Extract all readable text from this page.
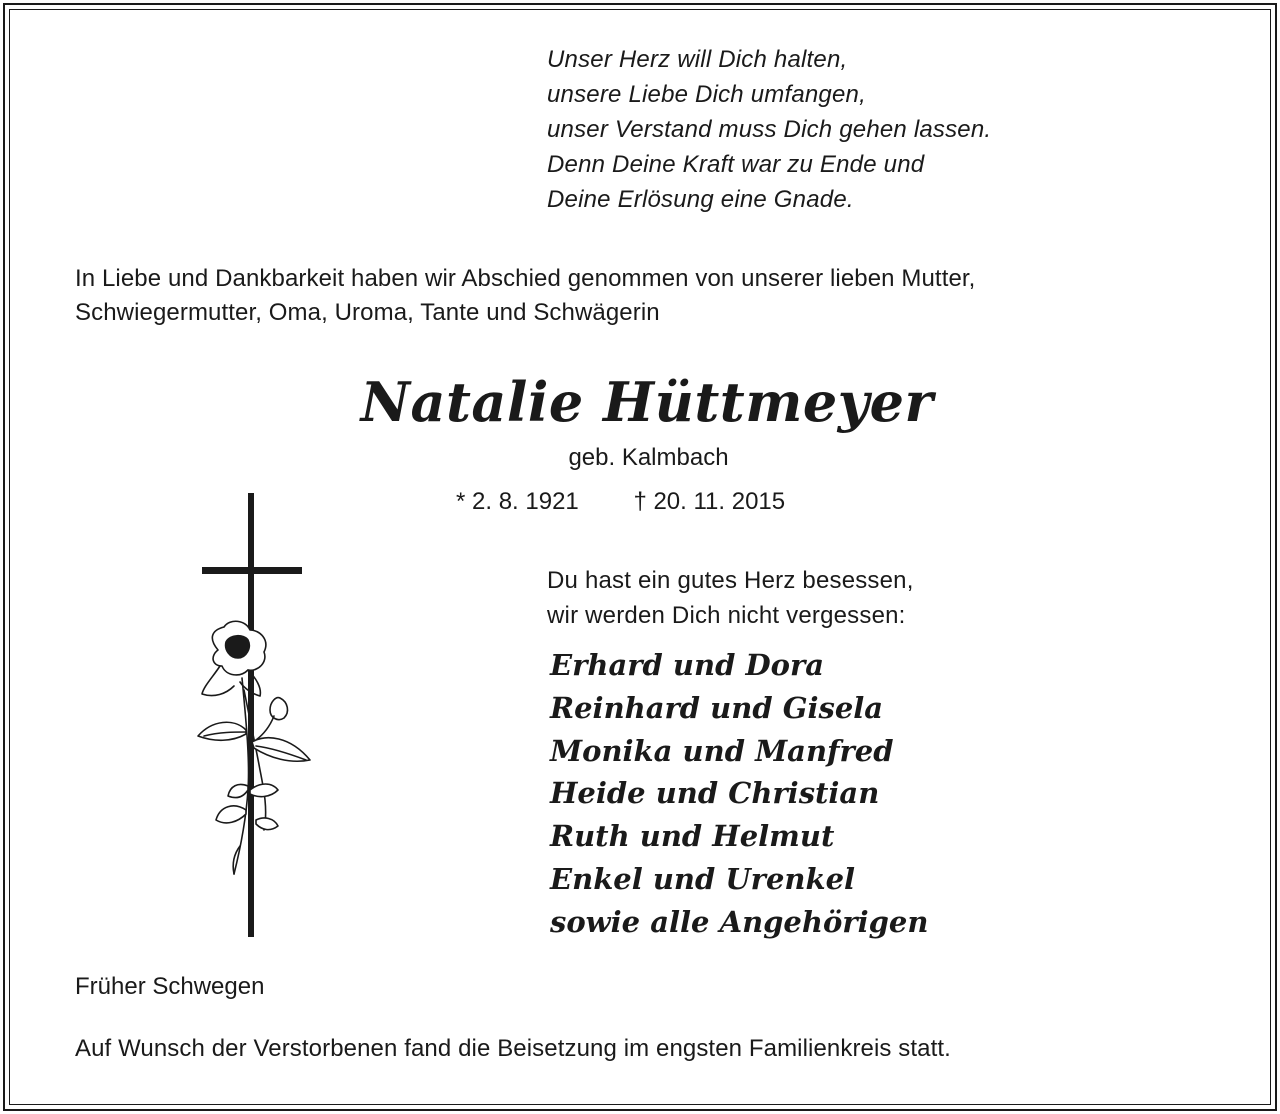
Unser Herz will Dich halten,
unsere Liebe Dich umfangen,
unser Verstand muss Dich gehen lassen.
Denn Deine Kraft war zu Ende und
Deine Erlösung eine Gnade.
In Liebe und Dankbarkeit haben wir Abschied genommen von unserer lieben Mutter,
Schwiegermutter, Oma, Uroma, Tante und Schwägerin
Natalie Hüttmeyer
geb. Kalmbach
* 2. 8. 1921 † 20. 11. 2015
Du hast ein gutes Herz besessen,
wir werden Dich nicht vergessen:
Erhard und Dora
Reinhard und Gisela
Monika und Manfred
Heide und Christian
Ruth und Helmut
Enkel und Urenkel
sowie alle Angehörigen
Früher Schwegen
Auf Wunsch der Verstorbenen fand die Beisetzung im engsten Familienkreis statt.
